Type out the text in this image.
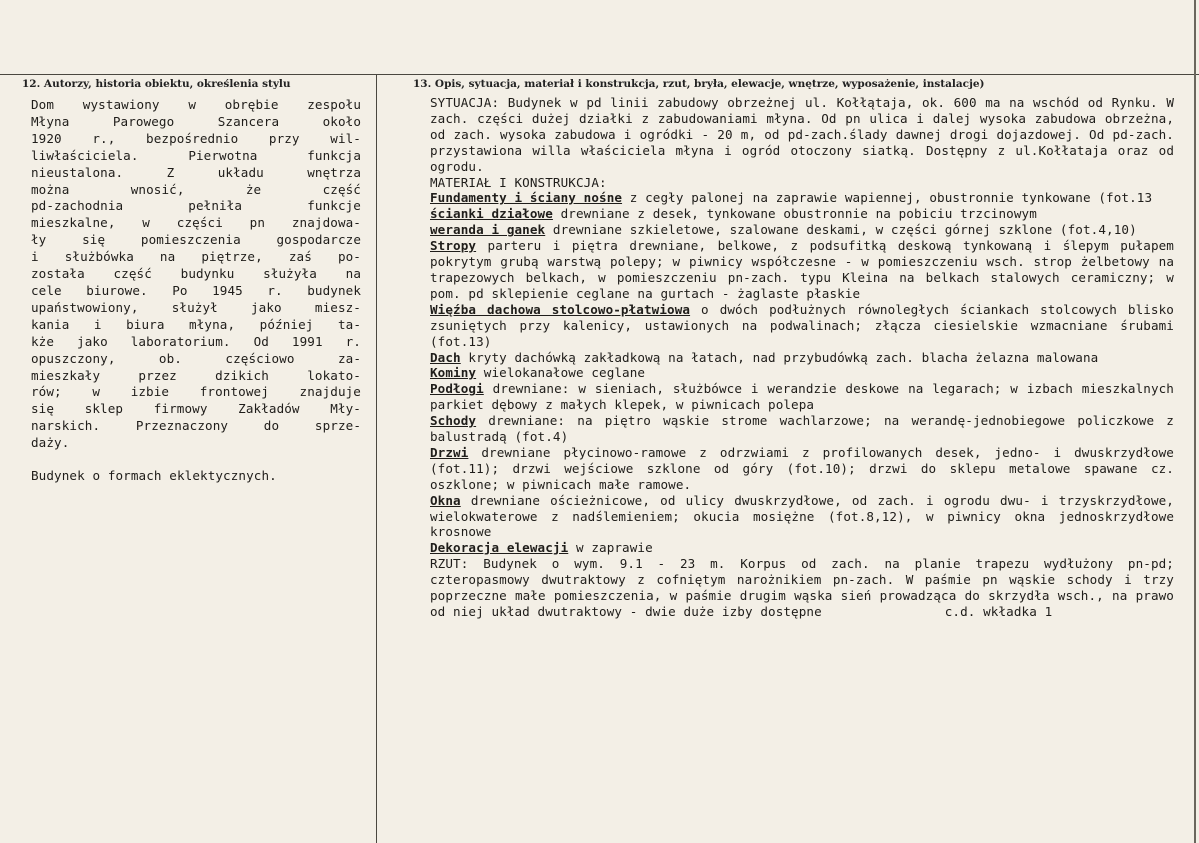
12. Autorzy, historia obiektu, określenia stylu	13. Opis, sytuacja, materiał i konstrukcja, rzut, bryła, elewacje, wnętrze, wyposażenie, instalacje)
Dom wystawiony w obrębie zespołu
Młyna Parowego Szancera około
1920 r., bezpośrednio przy wil-
liwłaściciela. Pierwotna funkcja
nieustalona. Z układu wnętrza
można wnosić, że część
pd-zachodnia pełniła funkcje
mieszkalne, w części pn znajdowa-
ły się pomieszczenia gospodarcze
i służbówka na piętrze, zaś po-
została część budynku służyła na
cele biurowe. Po 1945 r. budynek
upaństwowiony, służył jako miesz-
kania i biura młyna, później ta-
kże jako laboratorium. Od 1991 r.
opuszczony, ob. częściowo za-
mieszkały przez dzikich lokato-
rów; w izbie frontowej znajduje
się sklep firmowy Zakładów Mły-
narskich. Przeznaczony do sprze-
daży.
Budynek o formach eklektycznych.
SYTUACJA: Budynek w pd linii zabudowy obrzeżnej ul. Kołłątaja, ok. 600 ma na wschód od Rynku. W zach. części dużej działki z zabudowaniami młyna. Od pn ulica i dalej wysoka zabudowa obrzeżna, od zach. wysoka zabudowa i ogródki - 20 m, od pd-zach.ślady dawnej drogi dojazdowej. Od pd-zach. przystawiona willa właściciela młyna i ogród otoczony siatką. Dostępny z ul.Kołłataja oraz od ogrodu.
MATERIAŁ I KONSTRUKCJA:
Fundamenty i ściany nośne z cegły palonej na zaprawie wapiennej, obustronnie tynkowane (fot.13
ścianki działowe drewniane z desek, tynkowane obustronnie na pobiciu trzcinowym
weranda i ganek drewniane szkieletowe, szalowane deskami, w części górnej szklone (fot.4,10)
Stropy parteru i piętra drewniane, belkowe, z podsufitką deskową tynkowaną i ślepym pułapem pokrytym grubą warstwą polepy; w piwnicy współczesne - w pomieszczeniu wsch. strop żelbetowy na trapezowych belkach, w pomieszczeniu pn-zach. typu Kleina na belkach stalowych ceramiczny; w pom. pd sklepienie ceglane na gurtach - żaglaste płaskie
Więźba dachowa stolcowo-płatwiowa o dwóch podłużnych równoległych ściankach stolcowych blisko zsuniętych przy kalenicy, ustawionych na podwalinach; złącza ciesielskie wzmacniane śrubami (fot.13)
Dach kryty dachówką zakładkową na łatach, nad przybudówką zach. blacha żelazna malowana
Kominy wielokanałowe ceglane
Podłogi drewniane: w sieniach, służbówce i werandzie deskowe na legarach; w izbach mieszkalnych parkiet dębowy z małych klepek, w piwnicach polepa
Schody drewniane: na piętro wąskie strome wachlarzowe; na werandę-jednobiegowe policzkowe z balustradą (fot.4)
Drzwi drewniane płycinowo-ramowe z odrzwiami z profilowanych desek, jedno- i dwuskrzydłowe (fot.11); drzwi wejściowe szklone od góry (fot.10); drzwi do sklepu metalowe spawane cz. oszklone; w piwnicach małe ramowe.
Okna drewniane ościeżnicowe, od ulicy dwuskrzydłowe, od zach. i ogrodu dwu- i trzyskrzydłowe, wielokwaterowe z nadślemieniem; okucia mosiężne (fot.8,12), w piwnicy okna jednoskrzydłowe krosnowe
Dekoracja elewacji w zaprawie
RZUT: Budynek o wym. 9.1 - 23 m. Korpus od zach. na planie trapezu wydłużony pn-pd; czteropasmowy dwutraktowy z cofniętym narożnikiem pn-zach. W paśmie pn wąskie schody i trzy poprzeczne małe pomieszczenia, w paśmie drugim wąska sień prowadząca do skrzydła wsch., na prawo od niej układ dwutraktowy - dwie duże izby dostępne	c.d. wkładka 1
